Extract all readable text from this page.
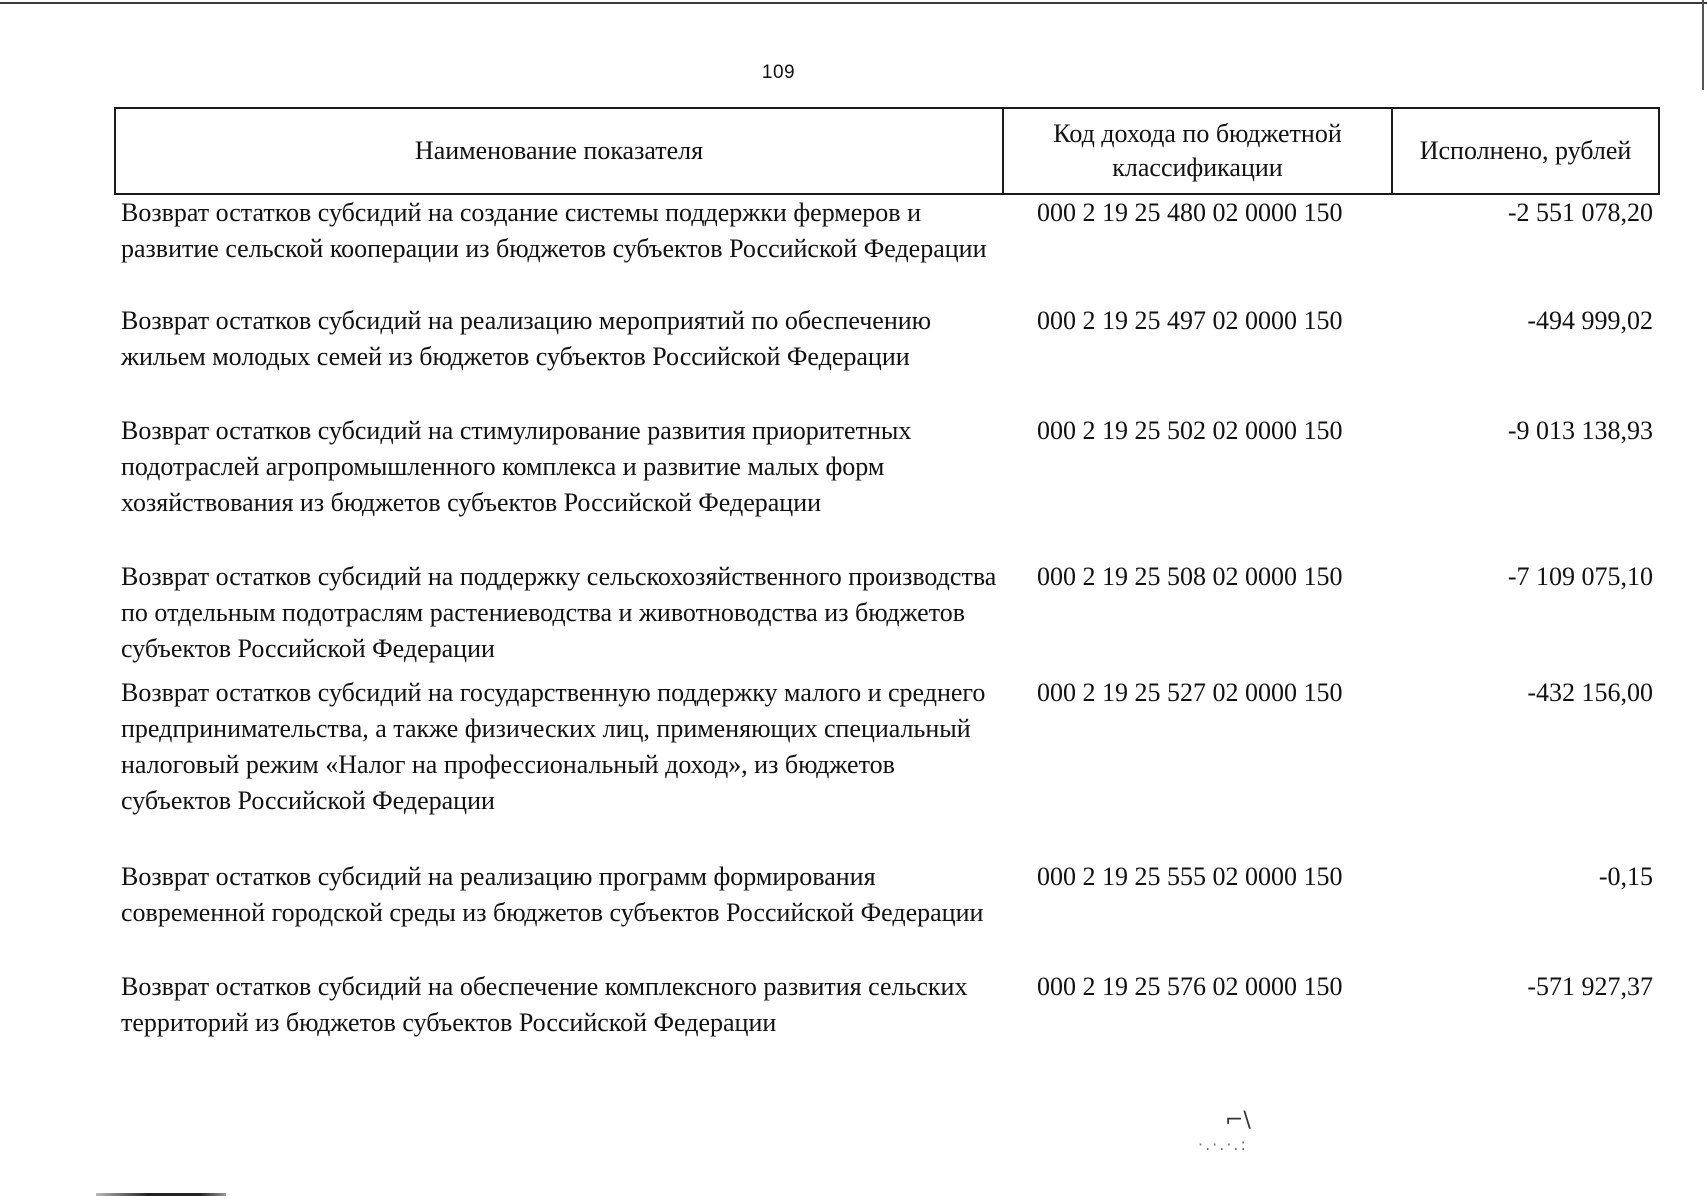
109
Наименование показателя	Код дохода по бюджетной классификации	Исполнено, рублей
Возврат остатков субсидий на создание системы поддержки фермеров и развитие сельской кооперации из бюджетов субъектов Российской Федерации	000 2 19 25 480 02 0000 150	-2 551 078,20
Возврат остатков субсидий на реализацию мероприятий по обеспечению жильем молодых семей из бюджетов субъектов Российской Федерации	000 2 19 25 497 02 0000 150	-494 999,02
Возврат остатков субсидий на стимулирование развития приоритетных подотраслей агропромышленного комплекса и развитие малых форм хозяйствования из бюджетов субъектов Российской Федерации	000 2 19 25 502 02 0000 150	-9 013 138,93
Возврат остатков субсидий на поддержку сельскохозяйственного производства по отдельным подотраслям растениеводства и животноводства из бюджетов субъектов Российской Федерации	000 2 19 25 508 02 0000 150	-7 109 075,10
Возврат остатков субсидий на государственную поддержку малого и среднего предпринимательства, а также физических лиц, применяющих специальный налоговый режим «Налог на профессиональный доход», из бюджетов субъектов Российской Федерации	000 2 19 25 527 02 0000 150	-432 156,00
Возврат остатков субсидий на реализацию программ формирования современной городской среды из бюджетов субъектов Российской Федерации	000 2 19 25 555 02 0000 150	-0,15
Возврат остатков субсидий на обеспечение комплексного развития сельских территорий из бюджетов субъектов Российской Федерации	000 2 19 25 576 02 0000 150	-571 927,37
⌐\
·.·.·.:
